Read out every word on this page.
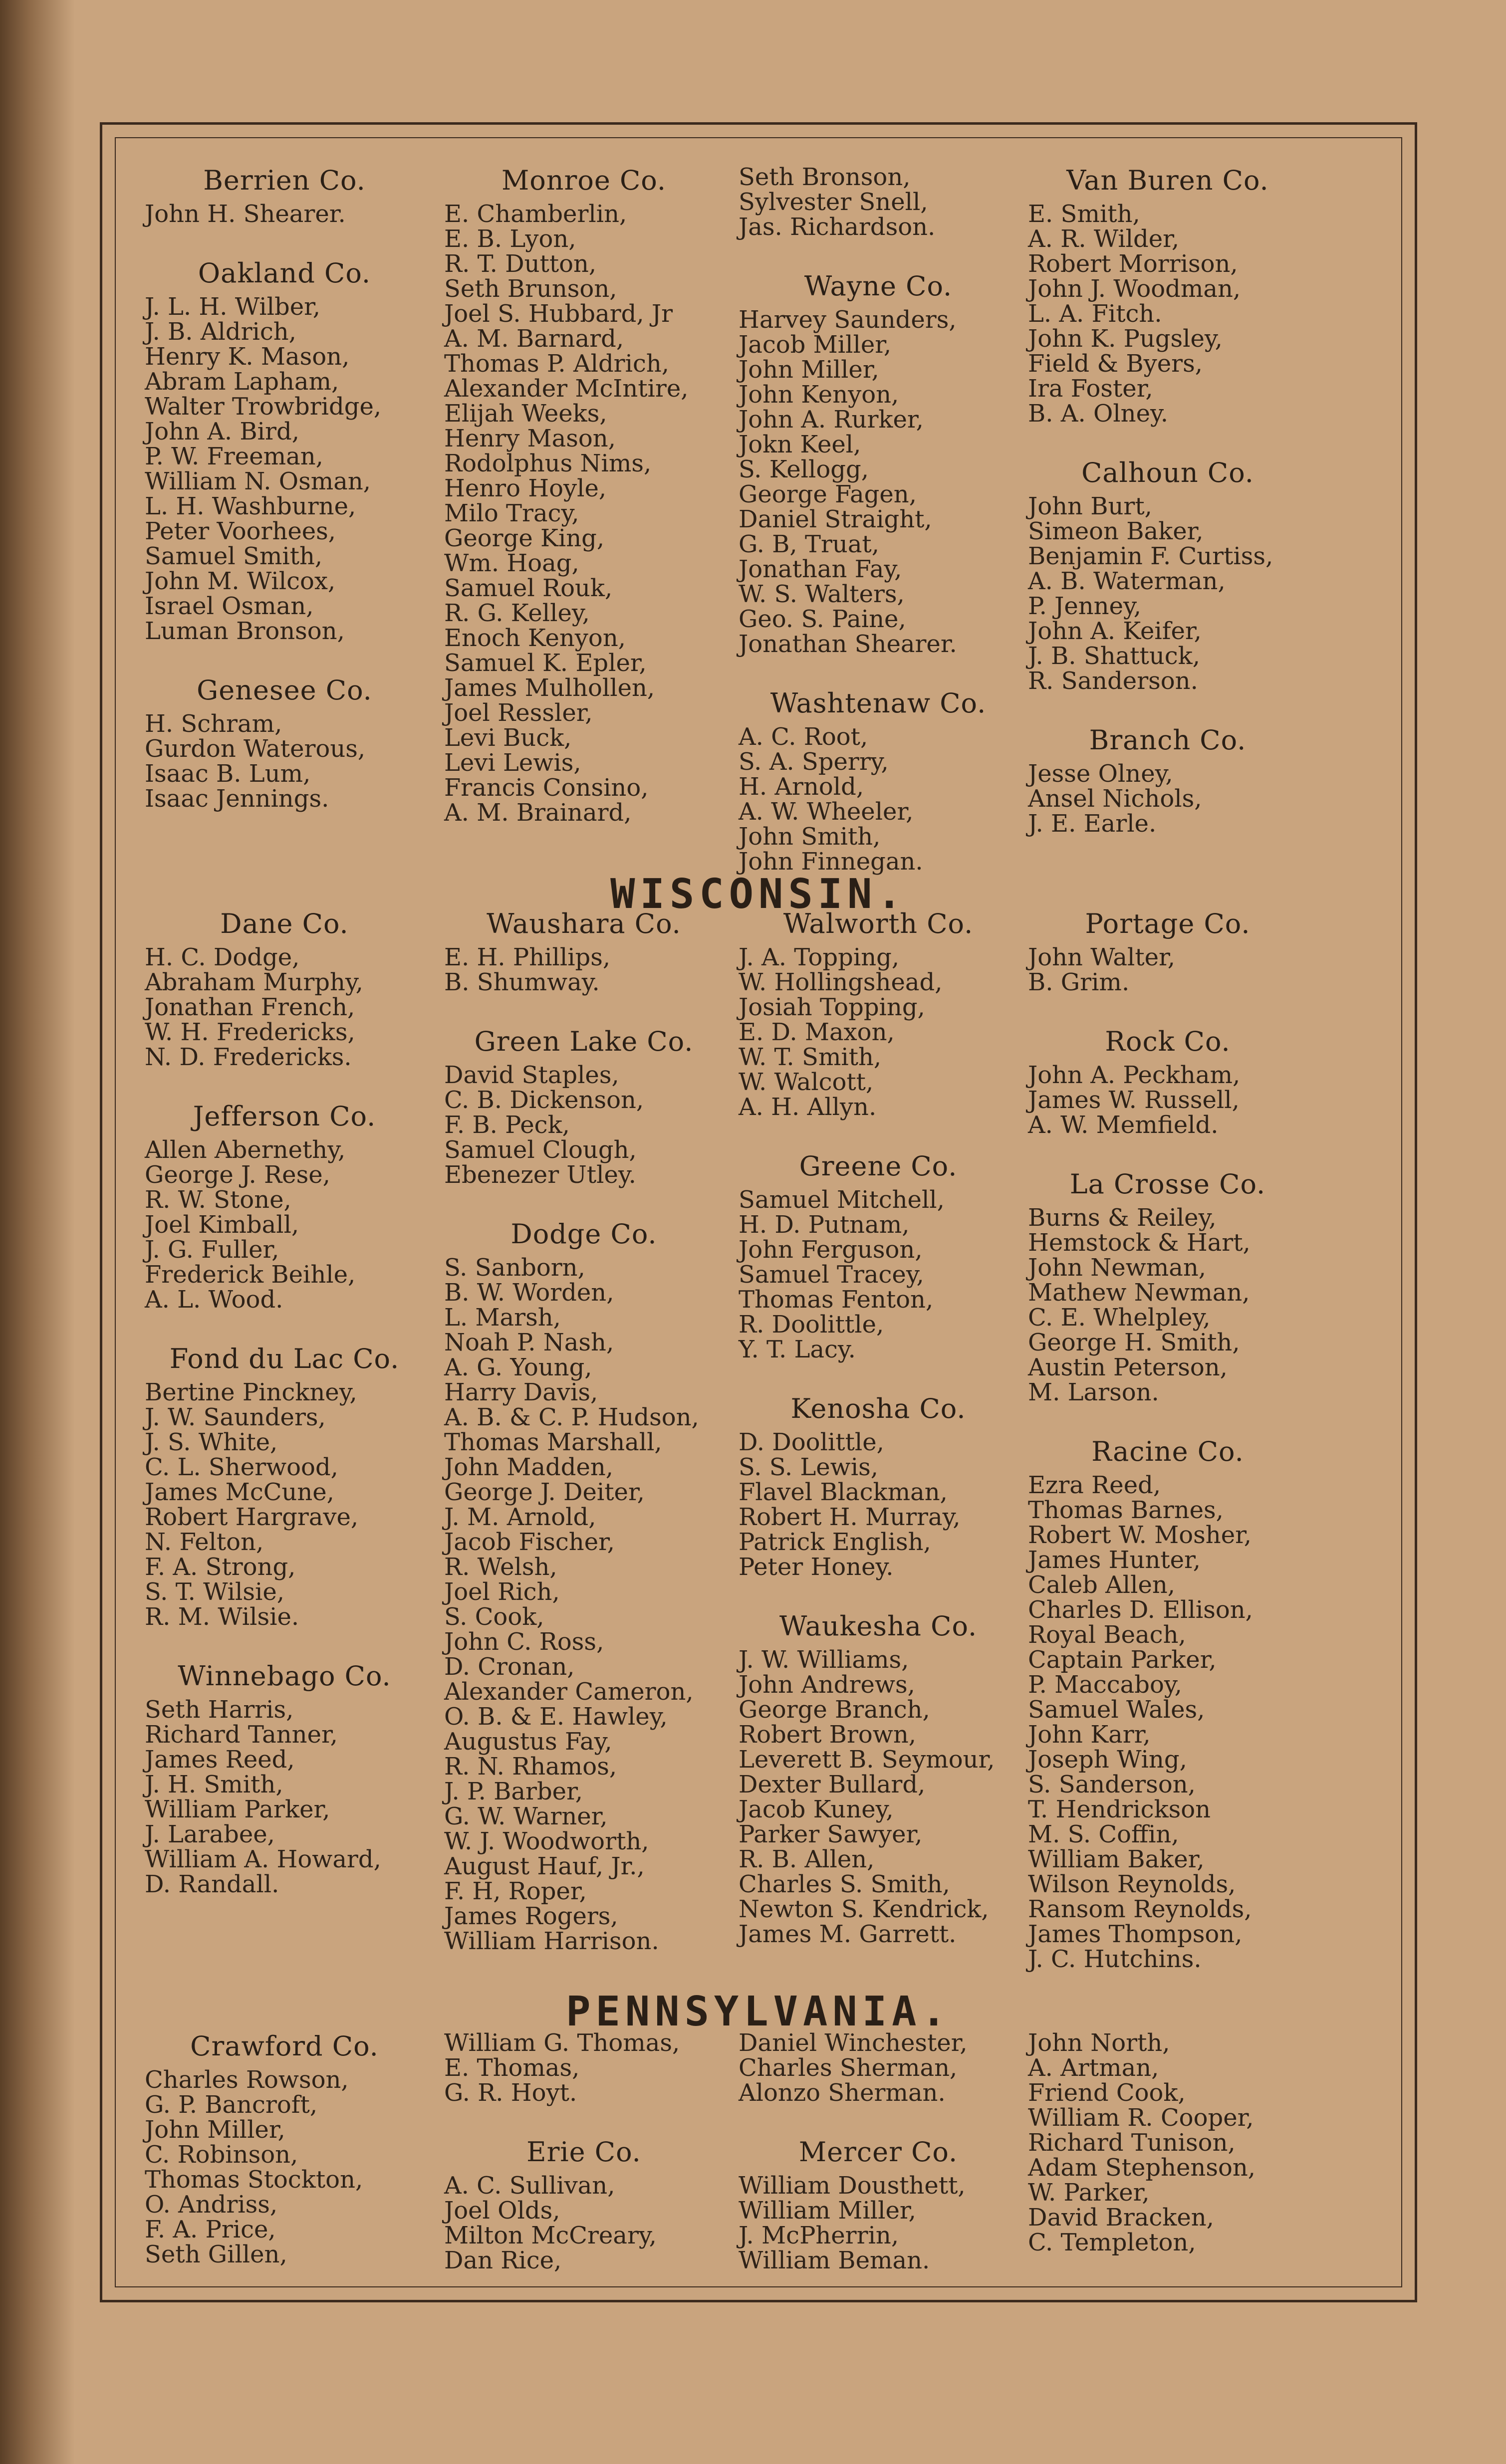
Berrien Co.
John H. Shearer.
Oakland Co.
J. L. H. Wilber,
J. B. Aldrich,
Henry K. Mason,
Abram Lapham,
Walter Trowbridge,
John A. Bird,
P. W. Freeman,
William N. Osman,
L. H. Washburne,
Peter Voorhees,
Samuel Smith,
John M. Wilcox,
Israel Osman,
Luman Bronson,
Genesee Co.
H. Schram,
Gurdon Waterous,
Isaac B. Lum,
Isaac Jennings.
Monroe Co.
E. Chamberlin,
E. B. Lyon,
R. T. Dutton,
Seth Brunson,
Joel S. Hubbard, Jr
A. M. Barnard,
Thomas P. Aldrich,
Alexander McIntire,
Elijah Weeks,
Henry Mason,
Rodolphus Nims,
Henro Hoyle,
Milo Tracy,
George King,
Wm. Hoag,
Samuel Rouk,
R. G. Kelley,
Enoch Kenyon,
Samuel K. Epler,
James Mulhollen,
Joel Ressler,
Levi Buck,
Levi Lewis,
Francis Consino,
A. M. Brainard,
Seth Bronson,
Sylvester Snell,
Jas. Richardson.
Wayne Co.
Harvey Saunders,
Jacob Miller,
John Miller,
John Kenyon,
John A. Rurker,
Jokn Keel,
S. Kellogg,
George Fagen,
Daniel Straight,
G. B, Truat,
Jonathan Fay,
W. S. Walters,
Geo. S. Paine,
Jonathan Shearer.
Washtenaw Co.
A. C. Root,
S. A. Sperry,
H. Arnold,
A. W. Wheeler,
John Smith,
John Finnegan.
Van Buren Co.
E. Smith,
A. R. Wilder,
Robert Morrison,
John J. Woodman,
L. A. Fitch.
John K. Pugsley,
Field & Byers,
Ira Foster,
B. A. Olney.
Calhoun Co.
John Burt,
Simeon Baker,
Benjamin F. Curtiss,
A. B. Waterman,
P. Jenney,
John A. Keifer,
J. B. Shattuck,
R. Sanderson.
Branch Co.
Jesse Olney,
Ansel Nichols,
J. E. Earle.
WISCONSIN.
Dane Co.
H. C. Dodge,
Abraham Murphy,
Jonathan French,
W. H. Fredericks,
N. D. Fredericks.
Jefferson Co.
Allen Abernethy,
George J. Rese,
R. W. Stone,
Joel Kimball,
J. G. Fuller,
Frederick Beihle,
A. L. Wood.
Fond du Lac Co.
Bertine Pinckney,
J. W. Saunders,
J. S. White,
C. L. Sherwood,
James McCune,
Robert Hargrave,
N. Felton,
F. A. Strong,
S. T. Wilsie,
R. M. Wilsie.
Winnebago Co.
Seth Harris,
Richard Tanner,
James Reed,
J. H. Smith,
William Parker,
J. Larabee,
William A. Howard,
D. Randall.
Waushara Co.
E. H. Phillips,
B. Shumway.
Green Lake Co.
David Staples,
C. B. Dickenson,
F. B. Peck,
Samuel Clough,
Ebenezer Utley.
Dodge Co.
S. Sanborn,
B. W. Worden,
L. Marsh,
Noah P. Nash,
A. G. Young,
Harry Davis,
A. B. & C. P. Hudson,
Thomas Marshall,
John Madden,
George J. Deiter,
J. M. Arnold,
Jacob Fischer,
R. Welsh,
Joel Rich,
S. Cook,
John C. Ross,
D. Cronan,
Alexander Cameron,
O. B. & E. Hawley,
Augustus Fay,
R. N. Rhamos,
J. P. Barber,
G. W. Warner,
W. J. Woodworth,
August Hauf, Jr.,
F. H, Roper,
James Rogers,
William Harrison.
Walworth Co.
J. A. Topping,
W. Hollingshead,
Josiah Topping,
E. D. Maxon,
W. T. Smith,
W. Walcott,
A. H. Allyn.
Greene Co.
Samuel Mitchell,
H. D. Putnam,
John Ferguson,
Samuel Tracey,
Thomas Fenton,
R. Doolittle,
Y. T. Lacy.
Kenosha Co.
D. Doolittle,
S. S. Lewis,
Flavel Blackman,
Robert H. Murray,
Patrick English,
Peter Honey.
Waukesha Co.
J. W. Williams,
John Andrews,
George Branch,
Robert Brown,
Leverett B. Seymour,
Dexter Bullard,
Jacob Kuney,
Parker Sawyer,
R. B. Allen,
Charles S. Smith,
Newton S. Kendrick,
James M. Garrett.
Portage Co.
John Walter,
B. Grim.
Rock Co.
John A. Peckham,
James W. Russell,
A. W. Memfield.
La Crosse Co.
Burns & Reiley,
Hemstock & Hart,
John Newman,
Mathew Newman,
C. E. Whelpley,
George H. Smith,
Austin Peterson,
M. Larson.
Racine Co.
Ezra Reed,
Thomas Barnes,
Robert W. Mosher,
James Hunter,
Caleb Allen,
Charles D. Ellison,
Royal Beach,
Captain Parker,
P. Maccaboy,
Samuel Wales,
John Karr,
Joseph Wing,
S. Sanderson,
T. Hendrickson
M. S. Coffin,
William Baker,
Wilson Reynolds,
Ransom Reynolds,
James Thompson,
J. C. Hutchins.
PENNSYLVANIA.
Crawford Co.
Charles Rowson,
G. P. Bancroft,
John Miller,
C. Robinson,
Thomas Stockton,
O. Andriss,
F. A. Price,
Seth Gillen,
William G. Thomas,
E. Thomas,
G. R. Hoyt.
Erie Co.
A. C. Sullivan,
Joel Olds,
Milton McCreary,
Dan Rice,
Daniel Winchester,
Charles Sherman,
Alonzo Sherman.
Mercer Co.
William Dousthett,
William Miller,
J. McPherrin,
William Beman.
John North,
A. Artman,
Friend Cook,
William R. Cooper,
Richard Tunison,
Adam Stephenson,
W. Parker,
David Bracken,
C. Templeton,
